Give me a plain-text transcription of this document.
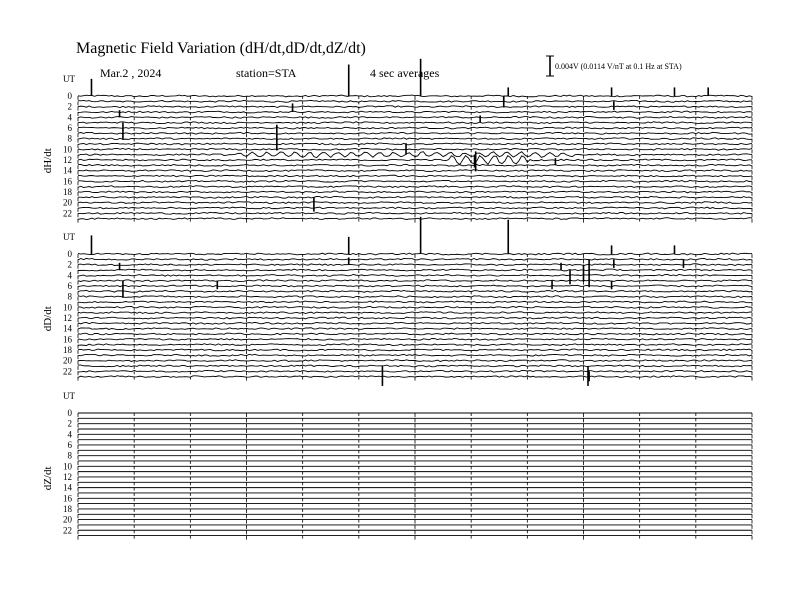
Magnetic Field Variation (dH/dt,dD/dt,dZ/dt)
Mar.2 , 2024	station=STA	4 sec averages	0.004V (0.0114 V/nT at 0.1 Hz at STA)
UT
dH/dt
0
2
4
6
8
10
12
14
16
18
20
22
UT
dD/dt
0
2
4
6
8
10
12
14
16
18
20
22
UT
dZ/dt
0
2
4
6
8
10
12
14
16
18
20
22
